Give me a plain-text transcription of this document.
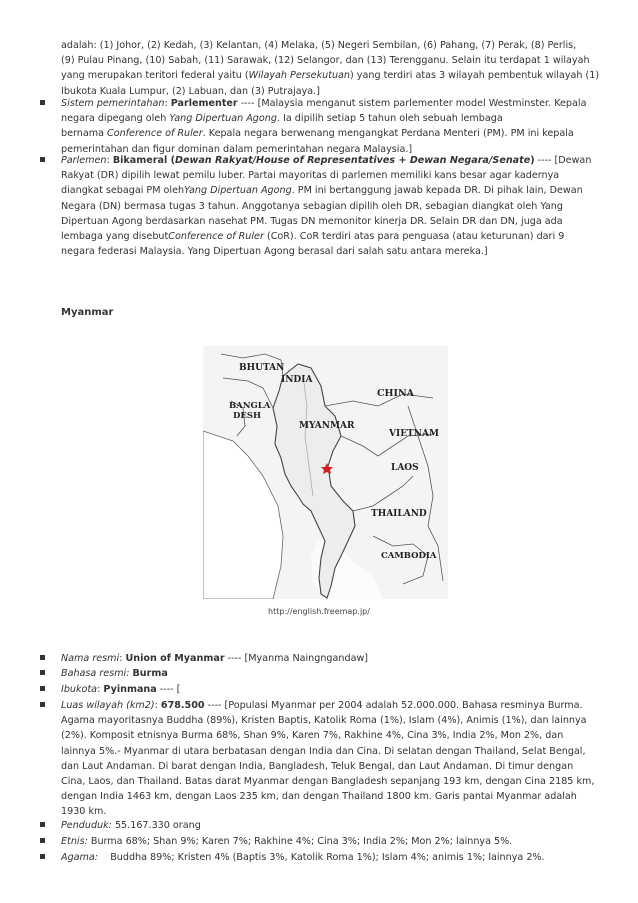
adalah: (1) Johor, (2) Kedah, (3) Kelantan, (4) Melaka, (5) Negeri Sembilan, (6) Pahang, (7) Perak, (8) Perlis,
(9) Pulau Pinang, (10) Sabah, (11) Sarawak, (12) Selangor, dan (13) Terengganu. Selain itu terdapat 1 wilayah
yang merupakan teritori federal yaitu (Wilayah Persekutuan) yang terdiri atas 3 wilayah pembentuk wilayah (1)
Ibukota Kuala Lumpur, (2) Labuan, dan (3) Putrajaya.]
Sistem pemerintahan: Parlementer ---- [Malaysia menganut sistem parlementer model Westminster. Kepala
negara dipegang oleh Yang Dipertuan Agong. Ia dipilih setiap 5 tahun oleh sebuah lembaga
bernama Conference of Ruler. Kepala negara berwenang mengangkat Perdana Menteri (PM). PM ini kepala
pemerintahan dan figur dominan dalam pemerintahan negara Malaysia.]
Parlemen: Bikameral (Dewan Rakyat/House of Representatives + Dewan Negara/Senate) ---- [Dewan
Rakyat (DR) dipilih lewat pemilu luber. Partai mayoritas di parlemen memiliki kans besar agar kadernya
diangkat sebagai PM olehYang Dipertuan Agong. PM ini bertanggung jawab kepada DR. Di pihak lain, Dewan
Negara (DN) bermasa tugas 3 tahun. Anggotanya sebagian dipilih oleh DR, sebagian diangkat oleh Yang
Dipertuan Agong berdasarkan nasehat PM. Tugas DN memonitor kinerja DR. Selain DR dan DN, juga ada
lembaga yang disebutConference of Ruler (CoR). CoR terdiri atas para penguasa (atau keturunan) dari 9
negara federasi Malaysia. Yang Dipertuan Agong berasal dari salah satu antara mereka.]
Myanmar
BHUTAN
INDIA
BANGLA
DESH
CHINA
MYANMAR
VIETNAM
LAOS
THAILAND
CAMBODIA
http://english.freemap.jp/
Nama resmi: Union of Myanmar ---- [Myanma Naingngandaw]
Bahasa resmi: Burma
Ibukota: Pyinmana ---- [
Luas wilayah (km2): 678.500 ---- [Populasi Myanmar per 2004 adalah 52.000.000. Bahasa resminya Burma.
Agama mayoritasnya Buddha (89%), Kristen Baptis, Katolik Roma (1%), Islam (4%), Animis (1%), dan lainnya
(2%). Komposit etnisnya Burma 68%, Shan 9%, Karen 7%, Rakhine 4%, Cina 3%, India 2%, Mon 2%, dan
lainnya 5%.- Myanmar di utara berbatasan dengan India dan Cina. Di selatan dengan Thailand, Selat Bengal,
dan Laut Andaman. Di barat dengan India, Bangladesh, Teluk Bengal, dan Laut Andaman. Di timur dengan
Cina, Laos, dan Thailand. Batas darat Myanmar dengan Bangladesh sepanjang 193 km, dengan Cina 2185 km,
dengan India 1463 km, dengan Laos 235 km, dan dengan Thailand 1800 km. Garis pantai Myanmar adalah
1930 km.
Penduduk: 55.167.330 orang
Etnis: Burma 68%; Shan 9%; Karen 7%; Rakhine 4%; Cina 3%; India 2%; Mon 2%; lainnya 5%.
Agama:    Buddha 89%; Kristen 4% (Baptis 3%, Katolik Roma 1%); Islam 4%; animis 1%; lainnya 2%.
